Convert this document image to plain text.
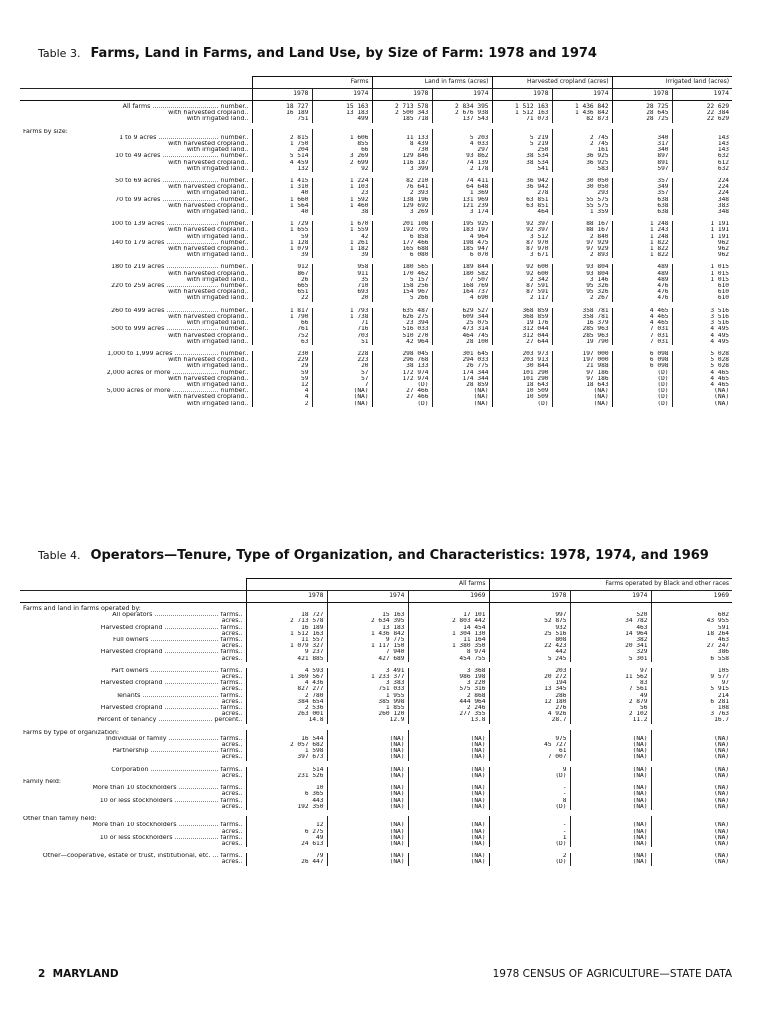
Table 3. Farms, Land in Farms, and Land Use, by Size of Farm: 1978 and 1974
	Farms		Land in farms (acres)		Harvested cropland (acres)		Irrigated land (acres)	
	1978	1974	1978	1974	1978	1974	1978	1974
All farms ................................. number..	18 727	15 163	2 713 578	2 834 395	1 512 163	1 436 842	28 725	22 629
with harvested cropland..	16 189	13 183	2 500 343	2 676 938	1 512 163	1 436 842	28 645	22 384
with irrigated land..	751	499	185 718	137 543	71 073	82 873	28 725	22 629

Farms by size:								
1 to 9 acres .............................. number..	2 815	1 606	11 133	5 203	5 219	2 745	340	143
with harvested cropland..	1 750	855	8 439	4 033	5 219	2 745	317	143
with irrigated land..	204	66	730	297	250	161	340	143
10 to 49 acres ............................ number..	5 514	3 269	129 846	93 862	38 534	36 925	897	632
with harvested cropland..	4 459	2 699	116 187	74 139	38 534	36 925	891	612
with irrigated land..	132	92	3 399	2 178	541	583	597	632

50 to 69 acres ............................ number..	1 415	1 224	82 210	74 411	36 942	30 050	357	224
with harvested cropland..	1 310	1 103	76 641	64 648	36 942	30 050	349	224
with irrigated land..	40	23	2 393	1 369	278	293	357	224
70 to 99 acres ............................ number..	1 660	1 592	138 196	131 969	63 851	55 575	638	348
with harvested cropland..	1 564	1 460	129 692	121 239	63 851	55 575	638	383
with irrigated land..	40	38	3 269	3 174	464	1 359	638	348

100 to 139 acres .......................... number..	1 729	1 670	201 108	195 925	92 397	88 167	1 248	1 191
with harvested cropland..	1 655	1 559	192 705	183 197	92 397	88 167	1 243	1 191
with irrigated land..	59	42	6 858	4 964	3 512	2 840	1 248	1 191
140 to 179 acres .......................... number..	1 128	1 261	177 466	198 475	87 970	97 929	1 822	962
with harvested cropland..	1 079	1 182	165 688	185 947	87 970	97 929	1 822	962
with irrigated land..	39	39	6 080	6 070	3 671	2 893	1 822	962

180 to 219 acres .......................... number..	912	958	180 565	189 844	92 600	93 804	489	1 015
with harvested cropland..	867	911	170 462	180 582	92 600	93 804	489	1 015
with irrigated land..	26	35	5 157	7 507	2 342	3 146	489	1 015
220 to 259 acres .......................... number..	665	710	158 256	168 769	87 591	95 326	476	610
with harvested cropland..	651	693	154 967	164 737	87 591	95 326	476	610
with irrigated land..	22	20	5 266	4 690	2 117	2 267	476	610

260 to 499 acres .......................... number..	1 817	1 793	635 487	629 527	368 859	358 781	4 465	3 516
with harvested cropland..	1 790	1 738	626 275	609 344	368 859	358 781	4 465	3 516
with irrigated land..	66	71	23 394	25 075	19 176	16 379	4 465	3 516
500 to 999 acres .......................... number..	761	716	516 033	473 314	312 044	285 963	7 031	4 495
with harvested cropland..	752	703	510 270	464 745	312 044	285 963	7 031	4 495
with irrigated land..	63	51	42 964	28 100	27 644	19 790	7 031	4 495

1,000 to 1,999 acres ...................... number..	230	228	298 045	301 645	203 973	197 000	6 098	5 028
with harvested cropland..	229	223	296 768	294 033	203 913	197 000	6 098	5 028
with irrigated land..	29	20	38 133	26 775	30 844	21 988	6 098	5 028
2,000 acres or more ....................... number..	59	57	172 974	174 344	101 290	97 186	(D)	4 465
with harvested cropland..	59	57	172 974	174 344	101 290	97 186	(D)	4 465
with irrigated land..	12	7	(D)	28 859	18 643	18 643	(D)	4 465
5,000 acres or more ....................... number..	4	(NA)	27 466	(NA)	10 509	(NA)	(D)	(NA)
with harvested cropland..	4	(NA)	27 466	(NA)	10 509	(NA)	(D)	(NA)
with irrigated land..	2	(NA)	(D)	(NA)	(D)	(NA)	(D)	(NA)
Table 4. Operators—Tenure, Type of Organization, and Characteristics: 1978, 1974, and 1969
	All farms			Farms operated by Black and other races		
	1978	1974	1969	1978	1974	1969
Farms and land in farms operated by:						
All operators ................................ farms..	18 727	15 163	17 101	997	520	602
acres..	2 713 578	2 634 395	2 803 442	52 875	34 782	43 955
Harvested cropland ........................... farms..	16 189	13 183	14 454	932	463	591
acres..	1 512 163	1 436 842	1 304 130	25 516	14 964	18 264
Full owners .................................. farms..	11 557	9 775	11 164	808	382	463
acres..	1 079 327	1 117 150	1 380 350	22 423	20 341	27 247
Harvested cropland ........................... farms..	9 237	7 940	8 974	442	329	386
acres..	421 885	427 689	454 755	5 245	5 301	6 558

Part owners .................................. farms..	4 593	3 491	3 368	203	97	105
acres..	1 369 567	1 233 377	986 198	20 272	11 562	9 577
Harvested cropland ........................... farms..	4 436	3 383	3 220	194	83	97
acres..	827 277	751 033	575 316	13 345	7 561	5 915
Tenants ...................................... farms..	2 780	1 955	2 868	286	49	214
acres..	384 654	385 998	444 964	12 180	2 879	6 281
Harvested cropland ........................... farms..	2 536	1 855	2 246	276	56	108
acres..	263 001	260 120	277 355	4 926	2 102	3 763
Percent of tenancy ........................... percent..	14.8	12.9	13.8	28.7	11.2	16.7

Farms by type of organization:						
Individual or family ......................... farms..	16 544	(NA)	(NA)	975	(NA)	(NA)
acres..	2 057 682	(NA)	(NA)	45 727	(NA)	(NA)
Partnership .................................. farms..	1 598	(NA)	(NA)	61	(NA)	(NA)
acres..	397 673	(NA)	(NA)	7 007	(NA)	(NA)

Corporation .................................. farms..	514	(NA)	(NA)	9	(NA)	(NA)
acres..	231 526	(NA)	(NA)	(D)	(NA)	(NA)
Family held:						
More than 10 stockholders .................... farms..	10	(NA)	(NA)	-	(NA)	(NA)
acres..	6 365	(NA)	(NA)	-	(NA)	(NA)
10 or less stockholders ...................... farms..	443	(NA)	(NA)	8	(NA)	(NA)
acres..	192 350	(NA)	(NA)	(D)	(NA)	(NA)

Other than family held:						
More than 10 stockholders .................... farms..	12	(NA)	(NA)	-	(NA)	(NA)
acres..	6 275	(NA)	(NA)	-	(NA)	(NA)
10 or less stockholders ...................... farms..	49	(NA)	(NA)	1	(NA)	(NA)
acres..	24 613	(NA)	(NA)	(D)	(NA)	(NA)

Other—cooperative, estate or trust, institutional, etc. ... farms..	79	(NA)	(NA)	2	(NA)	(NA)
acres..	26 447	(NA)	(NA)	(D)	(NA)	(NA)
2 MARYLAND	1978 CENSUS OF AGRICULTURE—STATE DATA
